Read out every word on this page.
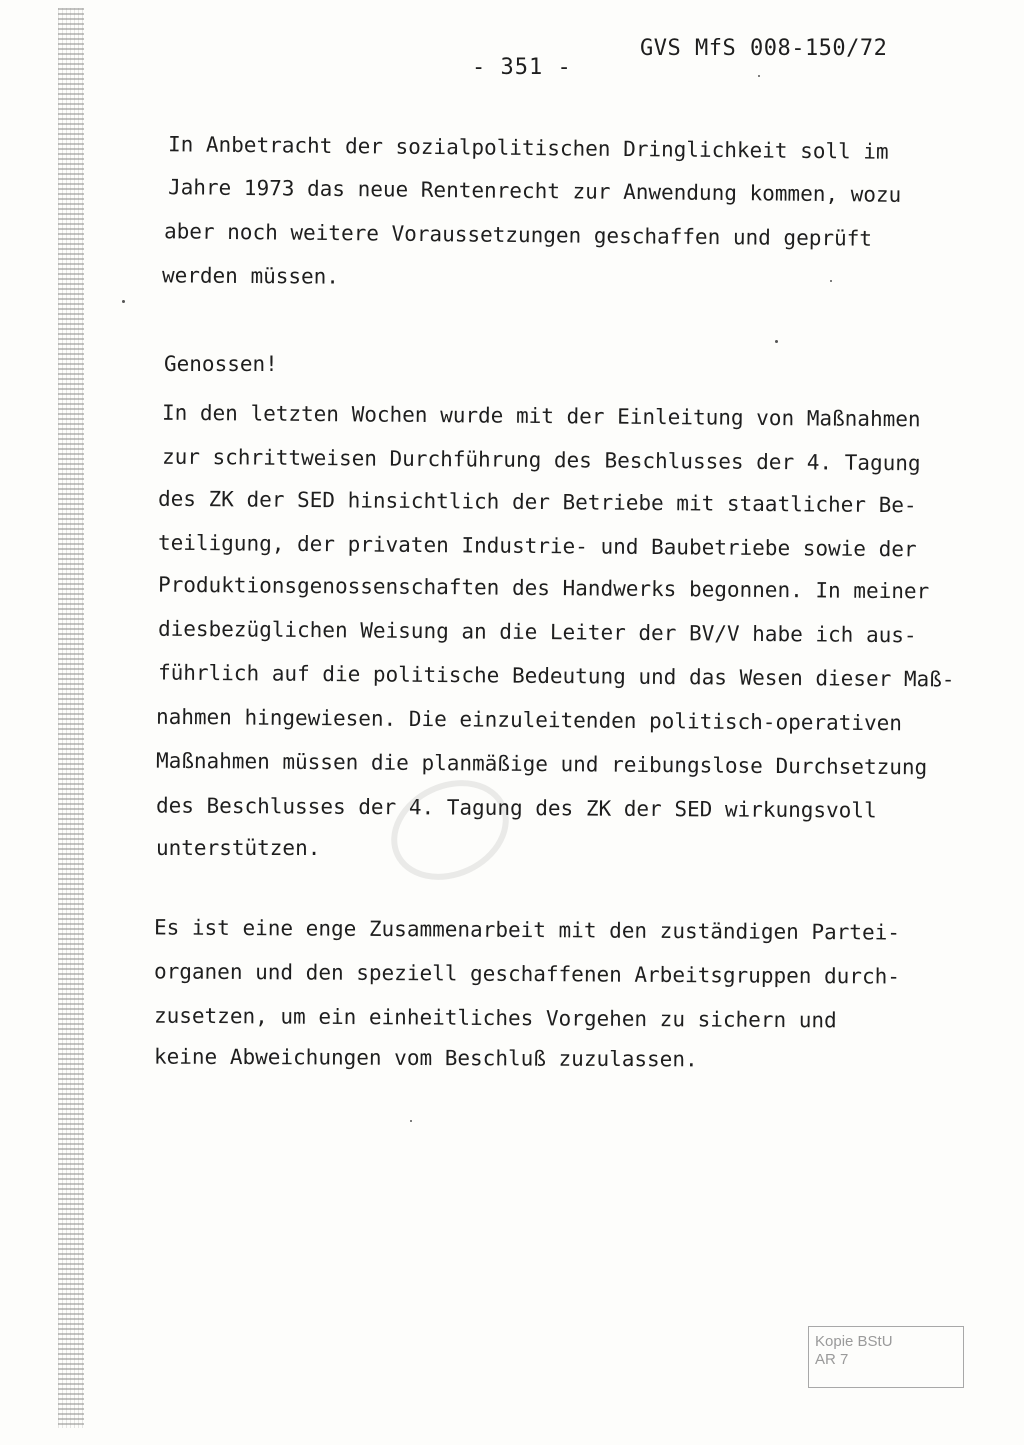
- 351 -
GVS MfS 008-150/72
In Anbetracht der sozialpolitischen Dringlichkeit soll im
Jahre 1973 das neue Rentenrecht zur Anwendung kommen, wozu
aber noch weitere Voraussetzungen geschaffen und geprüft
werden müssen.
Genossen!
In den letzten Wochen wurde mit der Einleitung von Maßnahmen
zur schrittweisen Durchführung des Beschlusses der 4. Tagung
des ZK der SED hinsichtlich der Betriebe mit staatlicher Be-
teiligung, der privaten Industrie- und Baubetriebe sowie der
Produktionsgenossenschaften des Handwerks begonnen. In meiner
diesbezüglichen Weisung an die Leiter der BV/V habe ich aus-
führlich auf die politische Bedeutung und das Wesen dieser Maß-
nahmen hingewiesen. Die einzuleitenden politisch-operativen
Maßnahmen müssen die planmäßige und reibungslose Durchsetzung
des Beschlusses der 4. Tagung des ZK der SED wirkungsvoll
unterstützen.
Es ist eine enge Zusammenarbeit mit den zuständigen Partei-
organen und den speziell geschaffenen Arbeitsgruppen durch-
zusetzen, um ein einheitliches Vorgehen zu sichern und
keine Abweichungen vom Beschluß zuzulassen.
Kopie BStU
AR 7
